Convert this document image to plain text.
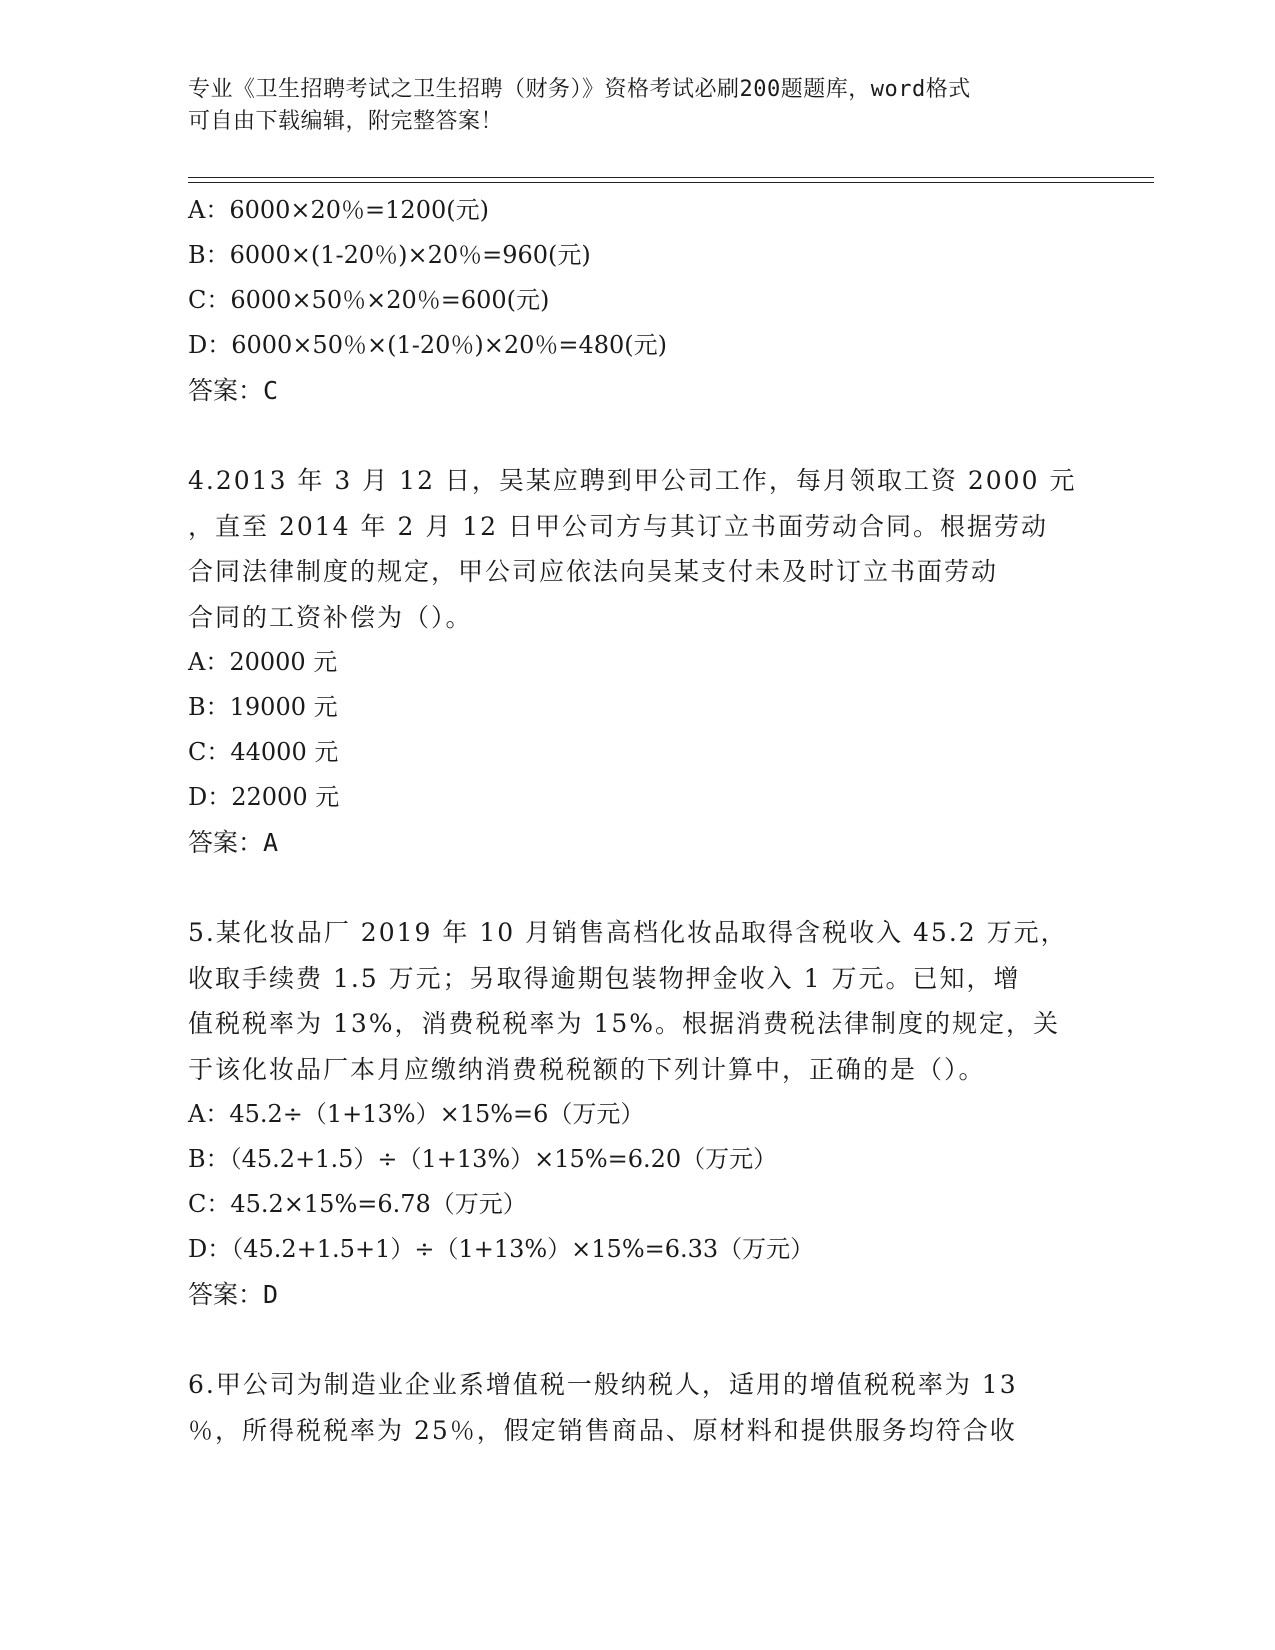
专业《卫生招聘考试之卫生招聘（财务）》资格考试必刷200题题库，word格式
可自由下载编辑，附完整答案！
A：6000×20％=1200(元)
B：6000×(1-20％)×20％=960(元)
C：6000×50％×20％=600(元)
D：6000×50％×(1-20％)×20％=480(元)
答案：C
4.2013 年 3 月 12 日，吴某应聘到甲公司工作，每月领取工资 2000 元
，直至 2014 年 2 月 12 日甲公司方与其订立书面劳动合同。根据劳动
合同法律制度的规定，甲公司应依法向吴某支付未及时订立书面劳动
合同的工资补偿为（）。
A：20000 元
B：19000 元
C：44000 元
D：22000 元
答案：A
5.某化妆品厂 2019 年 10 月销售高档化妆品取得含税收入 45.2 万元，
收取手续费 1.5 万元；另取得逾期包装物押金收入 1 万元。已知，增
值税税率为 13%，消费税税率为 15%。根据消费税法律制度的规定，关
于该化妆品厂本月应缴纳消费税税额的下列计算中，正确的是（）。
A：45.2÷（1+13%）×15%=6（万元）
B：（45.2+1.5）÷（1+13%）×15%=6.20（万元）
C：45.2×15%=6.78（万元）
D：（45.2+1.5+1）÷（1+13%）×15%=6.33（万元）
答案：D
6.甲公司为制造业企业系增值税一般纳税人，适用的增值税税率为 13
％，所得税税率为 25％，假定销售商品、原材料和提供服务均符合收
